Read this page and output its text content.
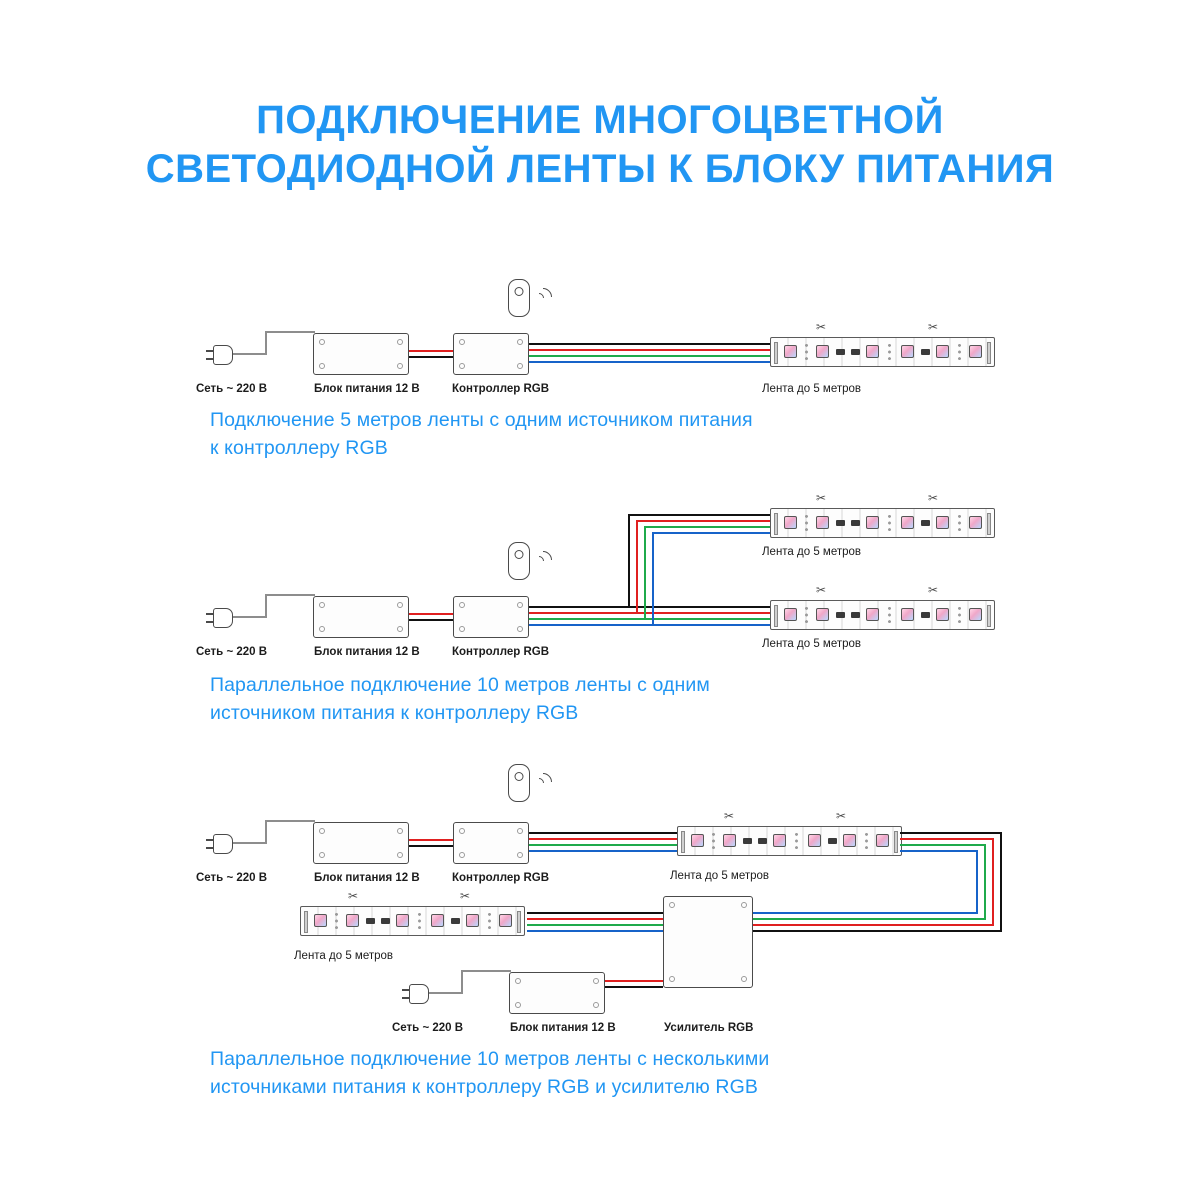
ПОДКЛЮЧЕНИЕ МНОГОЦВЕТНОЙ
СВЕТОДИОДНОЙ ЛЕНТЫ К БЛОКУ ПИТАНИЯ
✂	✂
Сеть ~ 220 В	Блок питания 12 В	Контроллер RGB	Лента до 5 метров
Подключение 5 метров ленты с одним источником питания
к контроллеру RGB
✂	✂
Лента до 5 метров
✂	✂
Лента до 5 метров
Сеть ~ 220 В	Блок питания 12 В	Контроллер RGB
Параллельное подключение 10 метров ленты с одним
источником питания к контроллеру RGB
✂	✂
Лента до 5 метров
✂	✂
Лента до 5 метров
Сеть ~ 220 В	Блок питания 12 В	Контроллер RGB
Сеть ~ 220 В	Блок питания 12 В	Усилитель RGB
Параллельное подключение 10 метров ленты с несколькими
источниками питания к контроллеру RGB и усилителю RGB
